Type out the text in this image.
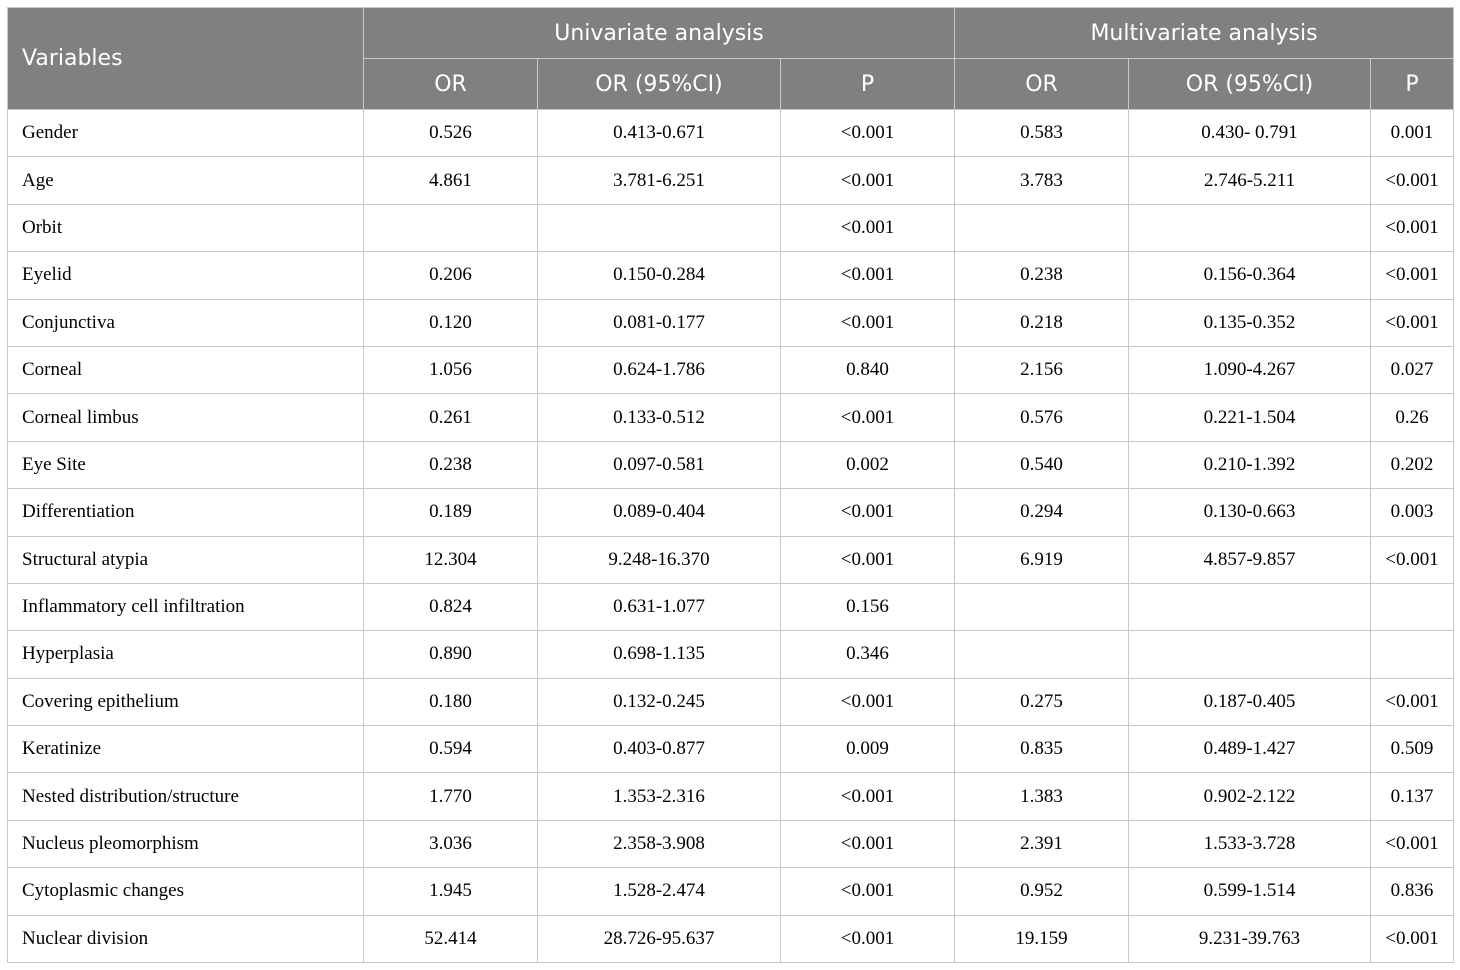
Variables	Univariate analysis			Multivariate analysis		
	OR	OR (95%CI)	P	OR	OR (95%CI)	P
Gender	0.526	0.413-0.671	<0.001	0.583	0.430- 0.791	0.001
Age	4.861	3.781-6.251	<0.001	3.783	2.746-5.211	<0.001
Orbit			<0.001			<0.001
Eyelid	0.206	0.150-0.284	<0.001	0.238	0.156-0.364	<0.001
Conjunctiva	0.120	0.081-0.177	<0.001	0.218	0.135-0.352	<0.001
Corneal	1.056	0.624-1.786	0.840	2.156	1.090-4.267	0.027
Corneal limbus	0.261	0.133-0.512	<0.001	0.576	0.221-1.504	0.26
Eye Site	0.238	0.097-0.581	0.002	0.540	0.210-1.392	0.202
Differentiation	0.189	0.089-0.404	<0.001	0.294	0.130-0.663	0.003
Structural atypia	12.304	9.248-16.370	<0.001	6.919	4.857-9.857	<0.001
Inflammatory cell infiltration	0.824	0.631-1.077	0.156			
Hyperplasia	0.890	0.698-1.135	0.346			
Covering epithelium	0.180	0.132-0.245	<0.001	0.275	0.187-0.405	<0.001
Keratinize	0.594	0.403-0.877	0.009	0.835	0.489-1.427	0.509
Nested distribution/structure	1.770	1.353-2.316	<0.001	1.383	0.902-2.122	0.137
Nucleus pleomorphism	3.036	2.358-3.908	<0.001	2.391	1.533-3.728	<0.001
Cytoplasmic changes	1.945	1.528-2.474	<0.001	0.952	0.599-1.514	0.836
Nuclear division	52.414	28.726-95.637	<0.001	19.159	9.231-39.763	<0.001
